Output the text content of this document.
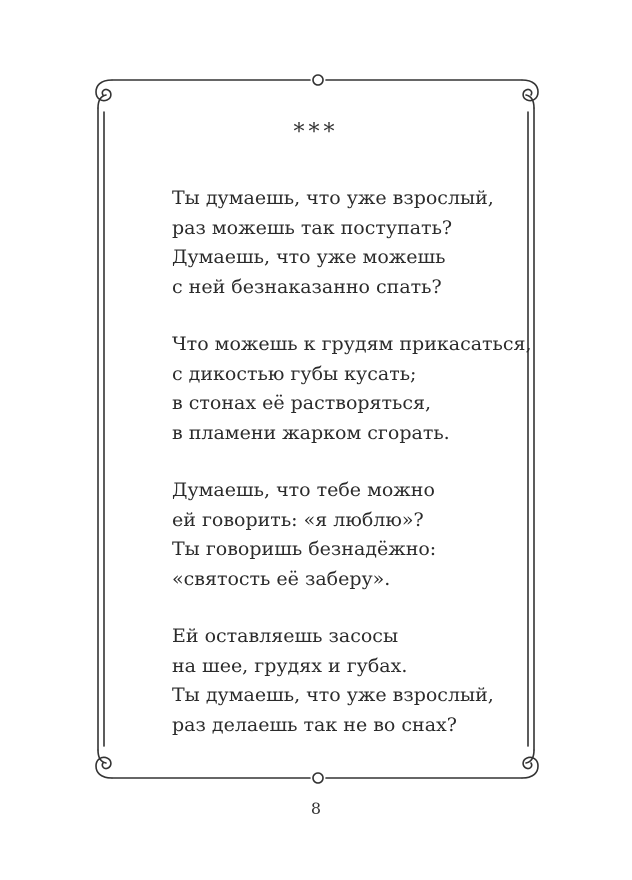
***

Ты думаешь, что уже взрослый,
раз можешь так поступать?
Думаешь, что уже можешь
с ней безнаказанно спать?

Что можешь к грудям прикасаться,
с дикостью губы кусать;
в стонах её растворяться,
в пламени жарком сгорать.

Думаешь, что тебе можно
ей говорить: «я люблю»?
Ты говоришь безнадёжно:
«святость её заберу».

Ей оставляешь засосы
на шее, грудях и губах.
Ты думаешь, что уже взрослый,
раз делаешь так не во снах?

8
